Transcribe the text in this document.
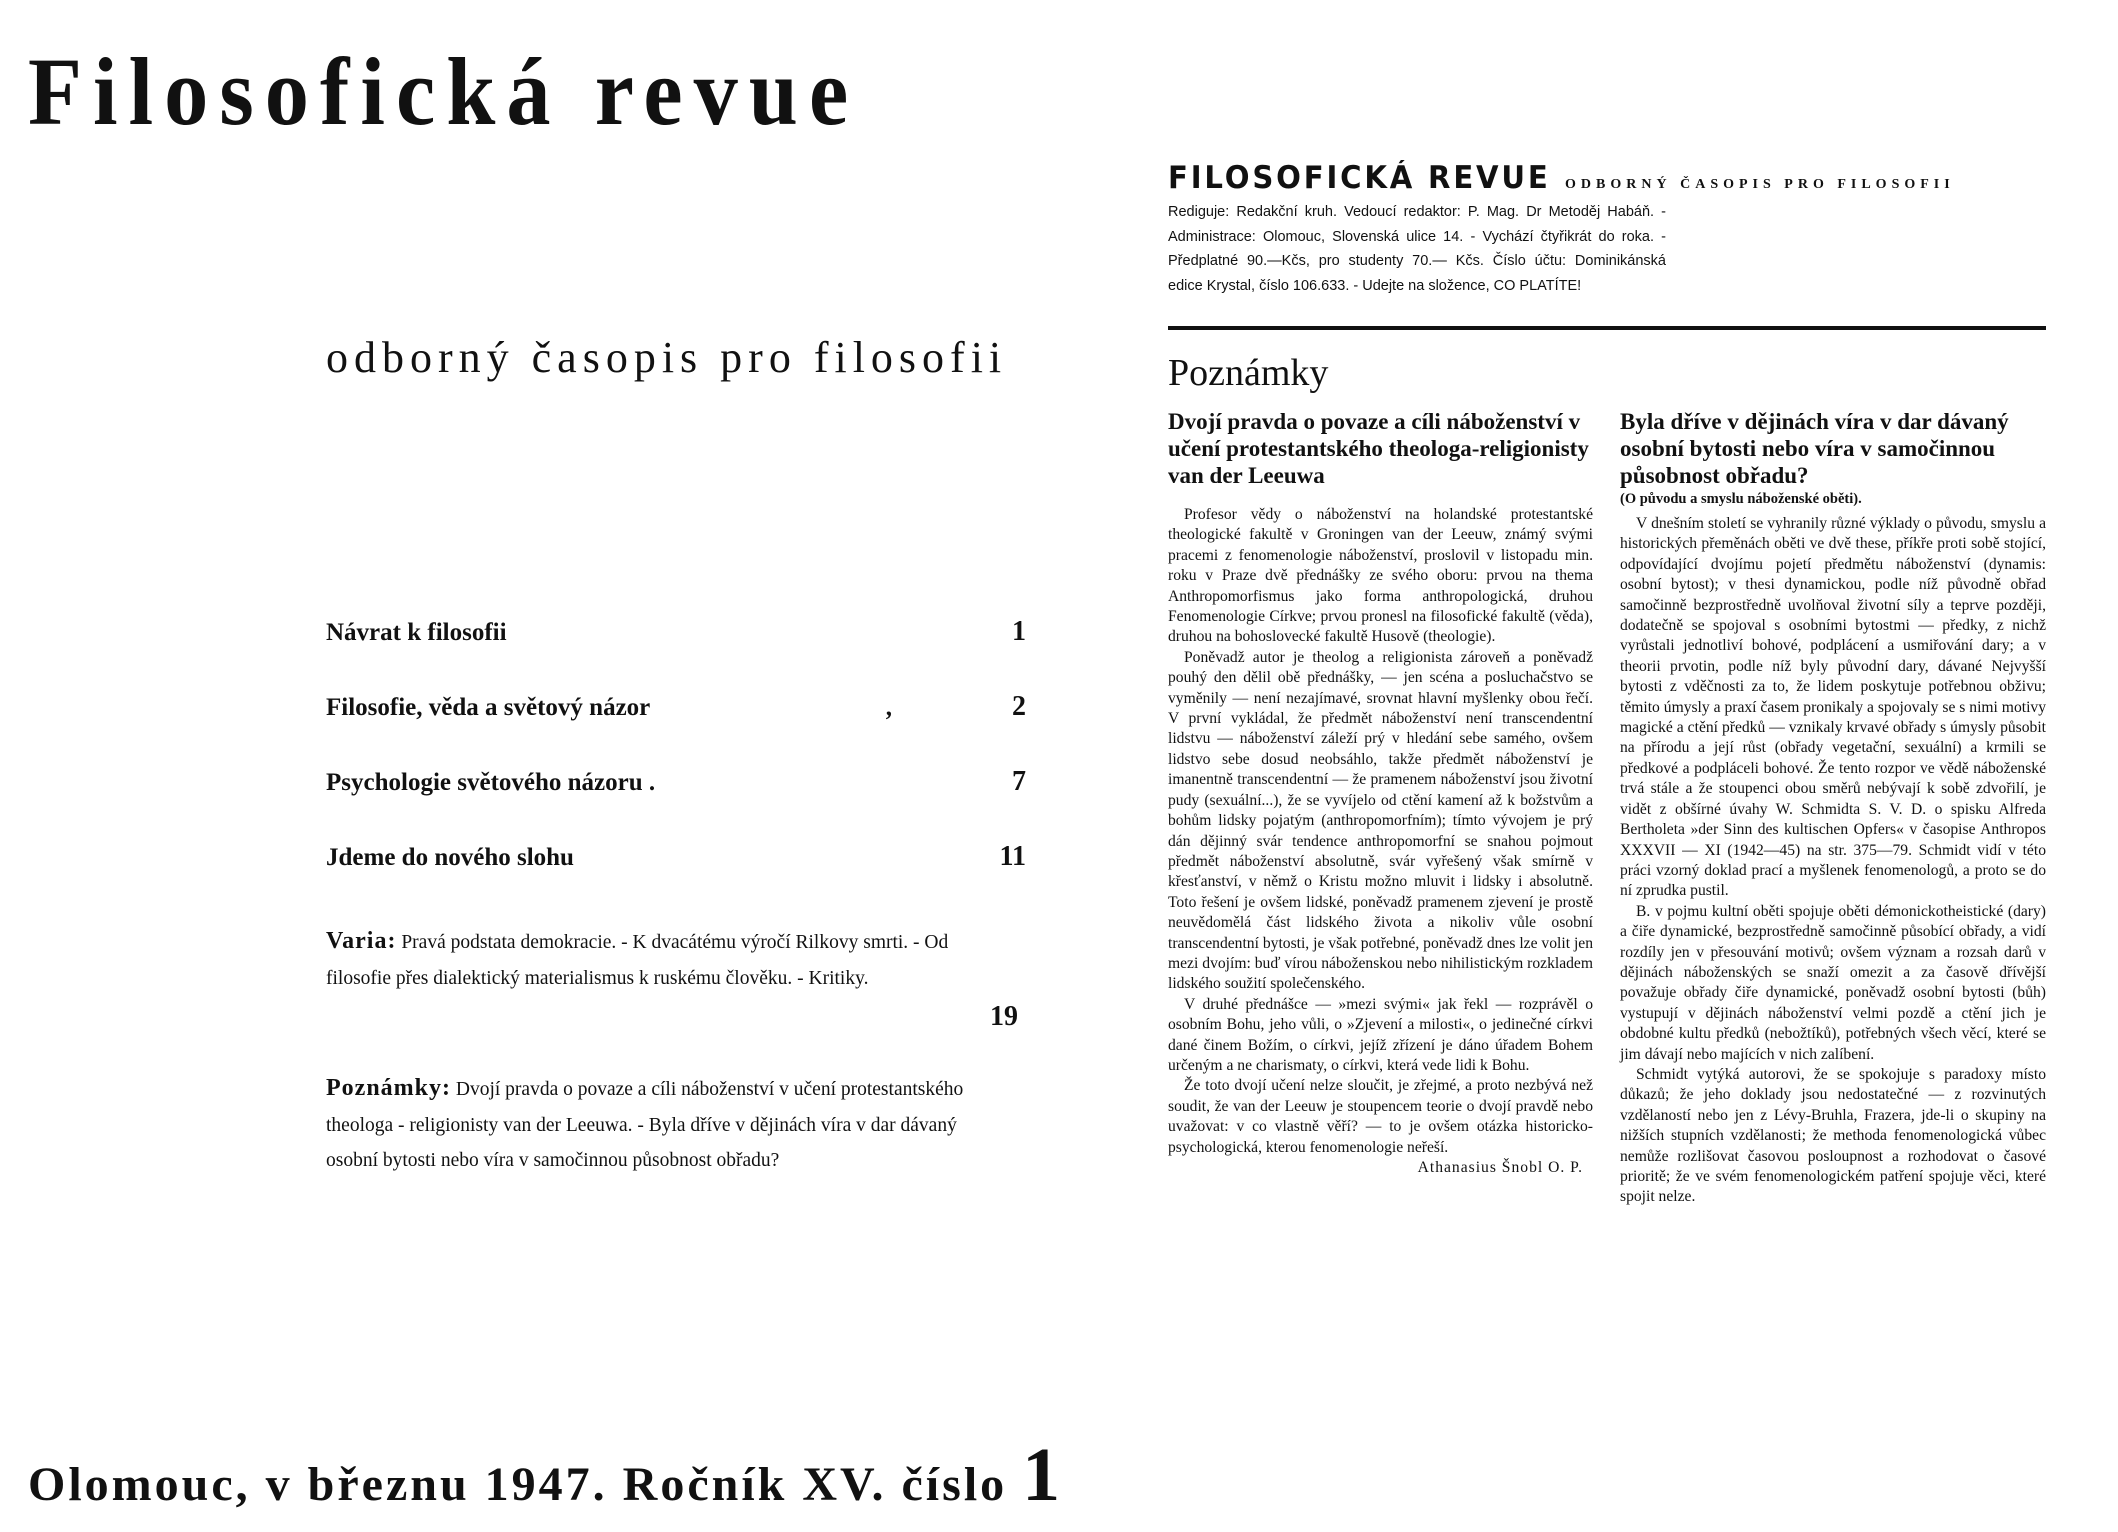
Filosofická revue
odborný časopis pro filosofii
Návrat k filosofii	1
Filosofie, věda a světový názor	,	2
Psychologie světového názoru .	7
Jdeme do nového slohu	11
Varia: Pravá podstata demokracie. - K dvacátému výročí Rilkovy smrti. - Od filosofie přes dialektický materialismus k ruskému člověku. - Kritiky.
19
Poznámky: Dvojí pravda o povaze a cíli náboženství v učení protestantského theologa - religionisty van der Leeuwa. - Byla dříve v dějinách víra v dar dávaný osobní bytosti nebo víra v samočinnou působnost obřadu?
Olomouc, v březnu 1947. Ročník XV. číslo 1
FILOSOFICKÁ REVUE ODBORNÝ ČASOPIS PRO FILOSOFII
Rediguje: Redakční kruh. Vedoucí redaktor: P. Mag. Dr Metoděj Habáň. - Administrace: Olomouc, Slovenská ulice 14. - Vychází čtyřikrát do roka. - Předplatné 90.—Kčs, pro studenty 70.— Kčs. Číslo účtu: Dominikánská edice Krystal, číslo 106.633. - Udejte na složence, CO PLATÍTE!
Poznámky
Dvojí pravda o povaze a cíli náboženství v učení protestantského theologa-religionisty van der Leeuwa

Profesor vědy o náboženství na holandské protestantské theologické fakultě v Groningen van der Leeuw, známý svými pracemi z fenomenologie náboženství, proslovil v listopadu min. roku v Praze dvě přednášky ze svého oboru: prvou na thema Anthropomorfismus jako forma anthropologická, druhou Fenomenologie Církve; prvou pronesl na filosofické fakultě (věda), druhou na bohoslovecké fakultě Husově (theologie).

Poněvadž autor je theolog a religionista zároveň a poněvadž pouhý den dělil obě přednášky, — jen scéna a posluchačstvo se vyměnily — není nezajímavé, srovnat hlavní myšlenky obou řečí. V první vykládal, že předmět náboženství není transcendentní lidstvu — náboženství záleží prý v hledání sebe samého, ovšem lidstvo sebe dosud neobsáhlo, takže předmět náboženství je imanentně transcendentní — že pramenem náboženství jsou životní pudy (sexuální...), že se vyvíjelo od ctění kamení až k božstvům a bohům lidsky pojatým (anthropomorfním); tímto vývojem je prý dán dějinný svár tendence anthropomorfní se snahou pojmout předmět náboženství absolutně, svár vyřešený však smírně v křesťanství, v němž o Kristu možno mluvit i lidsky i absolutně. Toto řešení je ovšem lidské, poněvadž pramenem zjevení je prostě neuvědomělá část lidského života a nikoliv vůle osobní transcendentní bytosti, je však potřebné, poněvadž dnes lze volit jen mezi dvojím: buď vírou náboženskou nebo nihilistickým rozkladem lidského soužití společenského.

V druhé přednášce — »mezi svými« jak řekl — rozprávěl o osobním Bohu, jeho vůli, o »Zjevení a milosti«, o jedinečné církvi dané činem Božím, o církvi, jejíž zřízení je dáno úřadem Bohem určeným a ne charismaty, o církvi, která vede lidi k Bohu.

Že toto dvojí učení nelze sloučit, je zřejmé, a proto nezbývá než soudit, že van der Leeuw je stoupencem teorie o dvojí pravdě nebo uvažovat: v co vlastně věří? — to je ovšem otázka historicko-psychologická, kterou fenomenologie neřeší.

Athanasius Šnobl O. P.
Byla dříve v dějinách víra v dar dávaný osobní bytosti nebo víra v samočinnou působnost obřadu?
(O původu a smyslu náboženské oběti).

V dnešním století se vyhranily různé výklady o původu, smyslu a historických přeměnách oběti ve dvě these, příkře proti sobě stojící, odpovídající dvojímu pojetí předmětu náboženství (dynamis: osobní bytost); v thesi dynamickou, podle níž původně obřad samočinně bezprostředně uvolňoval životní síly a teprve později, dodatečně se spojoval s osobními bytostmi — předky, z nichž vyrůstali jednotliví bohové, podplácení a usmiřování dary; a v theorii prvotin, podle níž byly původní dary, dávané Nejvyšší bytosti z vděčnosti za to, že lidem poskytuje potřebnou obživu; těmito úmysly a praxí časem pronikaly a spojovaly se s nimi motivy magické a ctění předků — vznikaly krvavé obřady s úmysly působit na přírodu a její růst (obřady vegetační, sexuální) a krmili se předkové a podpláceli bohové. Že tento rozpor ve vědě náboženské trvá stále a že stoupenci obou směrů nebývají k sobě zdvořilí, je vidět z obšírné úvahy W. Schmidta S. V. D. o spisku Alfreda Bertholeta »der Sinn des kultischen Opfers« v časopise Anthropos XXXVII — XI (1942—45) na str. 375—79. Schmidt vidí v této práci vzorný doklad prací a myšlenek fenomenologů, a proto se do ní zprudka pustil.

B. v pojmu kultní oběti spojuje oběti démonickotheistické (dary) a čiře dynamické, bezprostředně samočinně působící obřady, a vidí rozdíly jen v přesouvání motivů; ovšem význam a rozsah darů v dějinách náboženských se snaží omezit a za časově dřívější považuje obřady čiře dynamické, poněvadž osobní bytosti (bůh) vystupují v dějinách náboženství velmi pozdě a ctění jich je obdobné kultu předků (nebožtíků), potřebných všech věcí, které se jim dávají nebo majících v nich zalíbení.

Schmidt vytýká autorovi, že se spokojuje s paradoxy místo důkazů; že jeho doklady jsou nedostatečné — z rozvinutých vzdělaností nebo jen z Lévy-Bruhla, Frazera, jde-li o skupiny na nižších stupních vzdělanosti; že methoda fenomenologická vůbec nemůže rozlišovat časovou posloupnost a rozhodovat o časové prioritě; že ve svém fenomenologickém patření spojuje věci, které spojit nelze.
